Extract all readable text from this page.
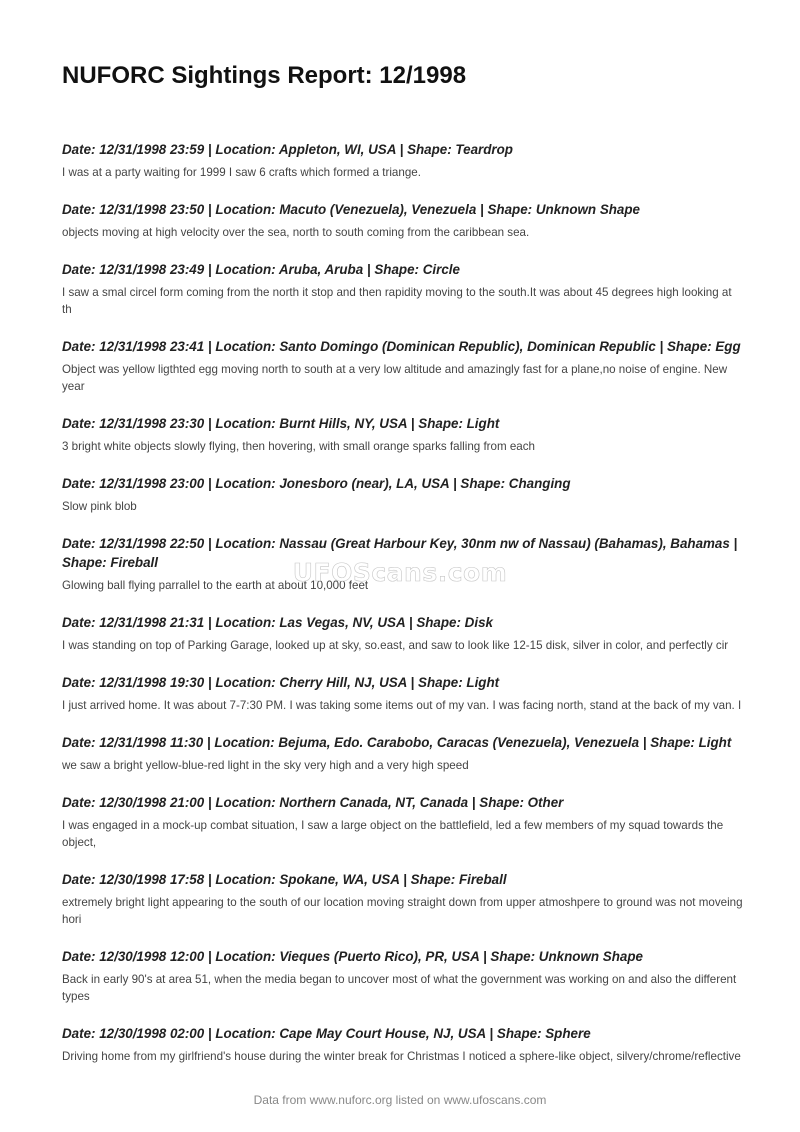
NUFORC Sightings Report: 12/1998
Date: 12/31/1998 23:59 | Location: Appleton, WI, USA | Shape: Teardrop
I was at a party waiting for 1999 I saw 6 crafts which formed a triange.
Date: 12/31/1998 23:50 | Location: Macuto (Venezuela), Venezuela | Shape: Unknown Shape
objects moving at high velocity over the sea, north to south coming from the caribbean sea.
Date: 12/31/1998 23:49 | Location: Aruba, Aruba | Shape: Circle
I saw a smal circel form coming from the north it stop and then rapidity moving to the south.It was about 45 degrees high looking at th
Date: 12/31/1998 23:41 | Location: Santo Domingo (Dominican Republic), Dominican Republic | Shape: Egg
Object was yellow ligthted egg moving north to south at a very low altitude and amazingly fast for a plane,no noise of engine. New year
Date: 12/31/1998 23:30 | Location: Burnt Hills, NY, USA | Shape: Light
3 bright white objects slowly flying, then hovering, with small orange sparks falling from each
Date: 12/31/1998 23:00 | Location: Jonesboro (near), LA, USA | Shape: Changing
Slow pink blob
Date: 12/31/1998 22:50 | Location: Nassau (Great Harbour Key, 30nm nw of Nassau) (Bahamas), Bahamas | Shape: Fireball
Glowing ball flying parrallel to the earth at about 10,000 feet
Date: 12/31/1998 21:31 | Location: Las Vegas, NV, USA | Shape: Disk
I was standing on top of Parking Garage, looked up at sky, so.east, and saw to look like 12-15 disk, silver in color, and perfectly cir
Date: 12/31/1998 19:30 | Location: Cherry Hill, NJ, USA | Shape: Light
I just arrived home. It was about 7-7:30 PM. I was taking some items out of my van. I was facing north, stand at the back of my van. I
Date: 12/31/1998 11:30 | Location: Bejuma, Edo. Carabobo, Caracas (Venezuela), Venezuela | Shape: Light
we saw a bright yellow-blue-red light in the sky very high and a very high speed
Date: 12/30/1998 21:00 | Location: Northern Canada, NT, Canada | Shape: Other
I was engaged in a mock-up combat situation, I saw a large object on the battlefield, led a few members of my squad towards the object,
Date: 12/30/1998 17:58 | Location: Spokane, WA, USA | Shape: Fireball
extremely bright light appearing to the south of our location moving straight down from upper atmoshpere to ground was not moveing hori
Date: 12/30/1998 12:00 | Location: Vieques (Puerto Rico), PR, USA | Shape: Unknown Shape
Back in early 90's at area 51, when the media began to uncover most of what the government was working on and also the different types
Date: 12/30/1998 02:00 | Location: Cape May Court House, NJ, USA | Shape: Sphere
Driving home from my girlfriend's house during the winter break for Christmas I noticed a sphere-like object, silvery/chrome/reflective
UFOScans.com
Data from www.nuforc.org listed on www.ufoscans.com
